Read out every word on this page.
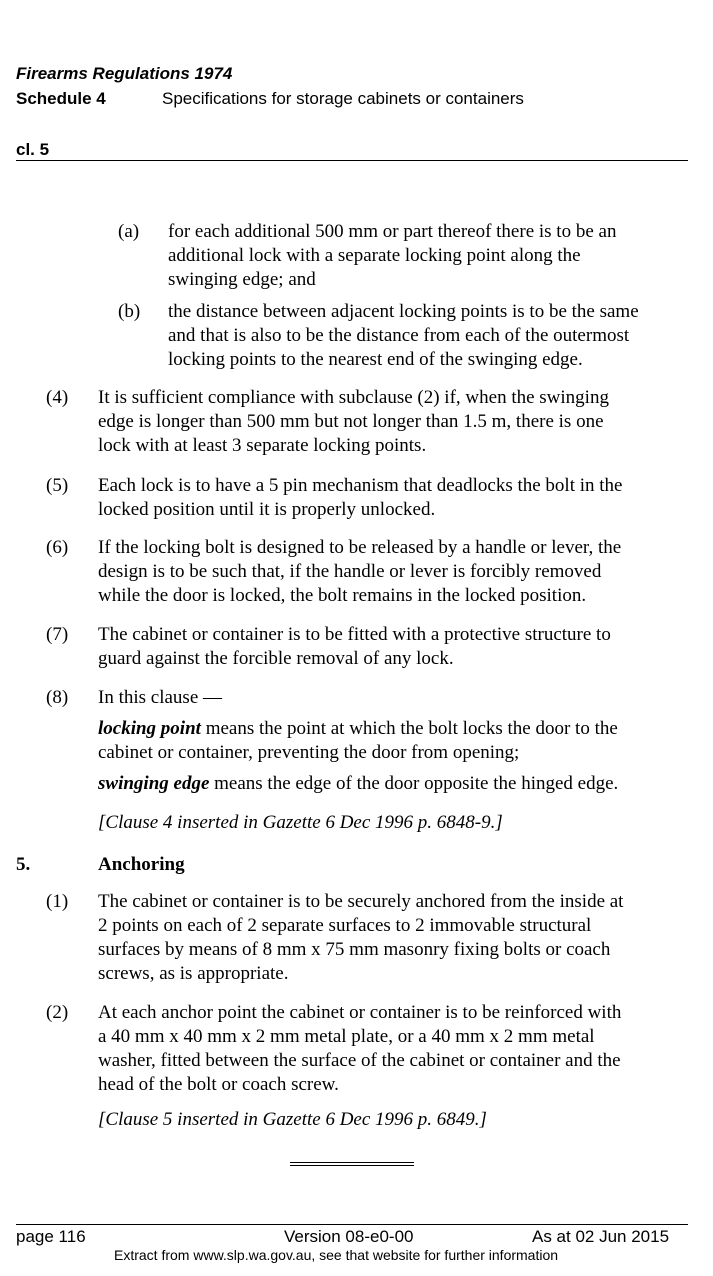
Firearms Regulations 1974
Schedule 4	Specifications for storage cabinets or containers
cl. 5
(a) for each additional 500 mm or part thereof there is to be an
additional lock with a separate locking point along the
swinging edge; and
(b) the distance between adjacent locking points is to be the same
and that is also to be the distance from each of the outermost
locking points to the nearest end of the swinging edge.
(4) It is sufficient compliance with subclause (2) if, when the swinging
edge is longer than 500 mm but not longer than 1.5 m, there is one
lock with at least 3 separate locking points.
(5) Each lock is to have a 5 pin mechanism that deadlocks the bolt in the
locked position until it is properly unlocked.
(6) If the locking bolt is designed to be released by a handle or lever, the
design is to be such that, if the handle or lever is forcibly removed
while the door is locked, the bolt remains in the locked position.
(7) The cabinet or container is to be fitted with a protective structure to
guard against the forcible removal of any lock.
(8) In this clause —
locking point means the point at which the bolt locks the door to the
cabinet or container, preventing the door from opening;
swinging edge means the edge of the door opposite the hinged edge.
[Clause 4 inserted in Gazette 6 Dec 1996 p. 6848-9.]
5.	Anchoring
(1) The cabinet or container is to be securely anchored from the inside at
2 points on each of 2 separate surfaces to 2 immovable structural
surfaces by means of 8 mm x 75 mm masonry fixing bolts or coach
screws, as is appropriate.
(2) At each anchor point the cabinet or container is to be reinforced with
a 40 mm x 40 mm x 2 mm metal plate, or a 40 mm x 2 mm metal
washer, fitted between the surface of the cabinet or container and the
head of the bolt or coach screw.
[Clause 5 inserted in Gazette 6 Dec 1996 p. 6849.]
page 116	Version 08-e0-00	As at 02 Jun 2015
Extract from www.slp.wa.gov.au, see that website for further information
